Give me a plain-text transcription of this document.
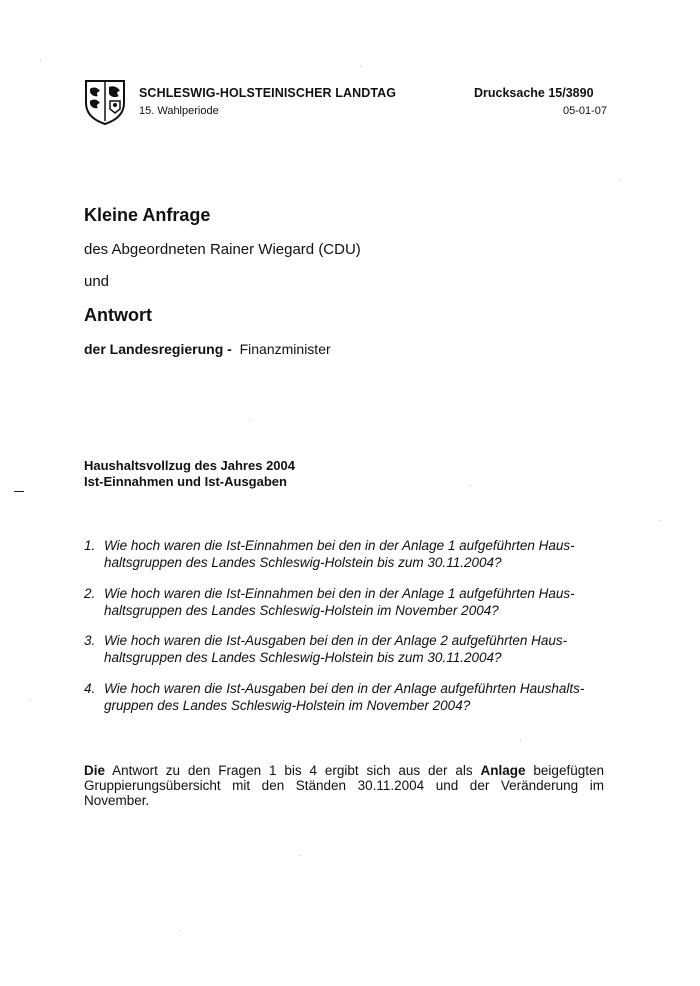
SCHLESWIG-HOLSTEINISCHER LANDTAG
15. Wahlperiode
Drucksache 15/3890
05-01-07
Kleine Anfrage
des Abgeordneten Rainer Wiegard (CDU)
und
Antwort
der Landesregierung - Finanzminister
Haushaltsvollzug des Jahres 2004
Ist-Einnahmen und Ist-Ausgaben
1. Wie hoch waren die Ist-Einnahmen bei den in der Anlage 1 aufgeführten Haus-
haltsgruppen des Landes Schleswig-Holstein bis zum 30.11.2004?
2. Wie hoch waren die Ist-Einnahmen bei den in der Anlage 1 aufgeführten Haus-
haltsgruppen des Landes Schleswig-Holstein im November 2004?
3. Wie hoch waren die Ist-Ausgaben bei den in der Anlage 2 aufgeführten Haus-
haltsgruppen des Landes Schleswig-Holstein bis zum 30.11.2004?
4. Wie hoch waren die Ist-Ausgaben bei den in der Anlage aufgeführten Haushalts-
gruppen des Landes Schleswig-Holstein im November 2004?
Die Antwort zu den Fragen 1 bis 4 ergibt sich aus der als Anlage beigefügten Gruppierungsübersicht mit den Ständen 30.11.2004 und der Veränderung im November.
